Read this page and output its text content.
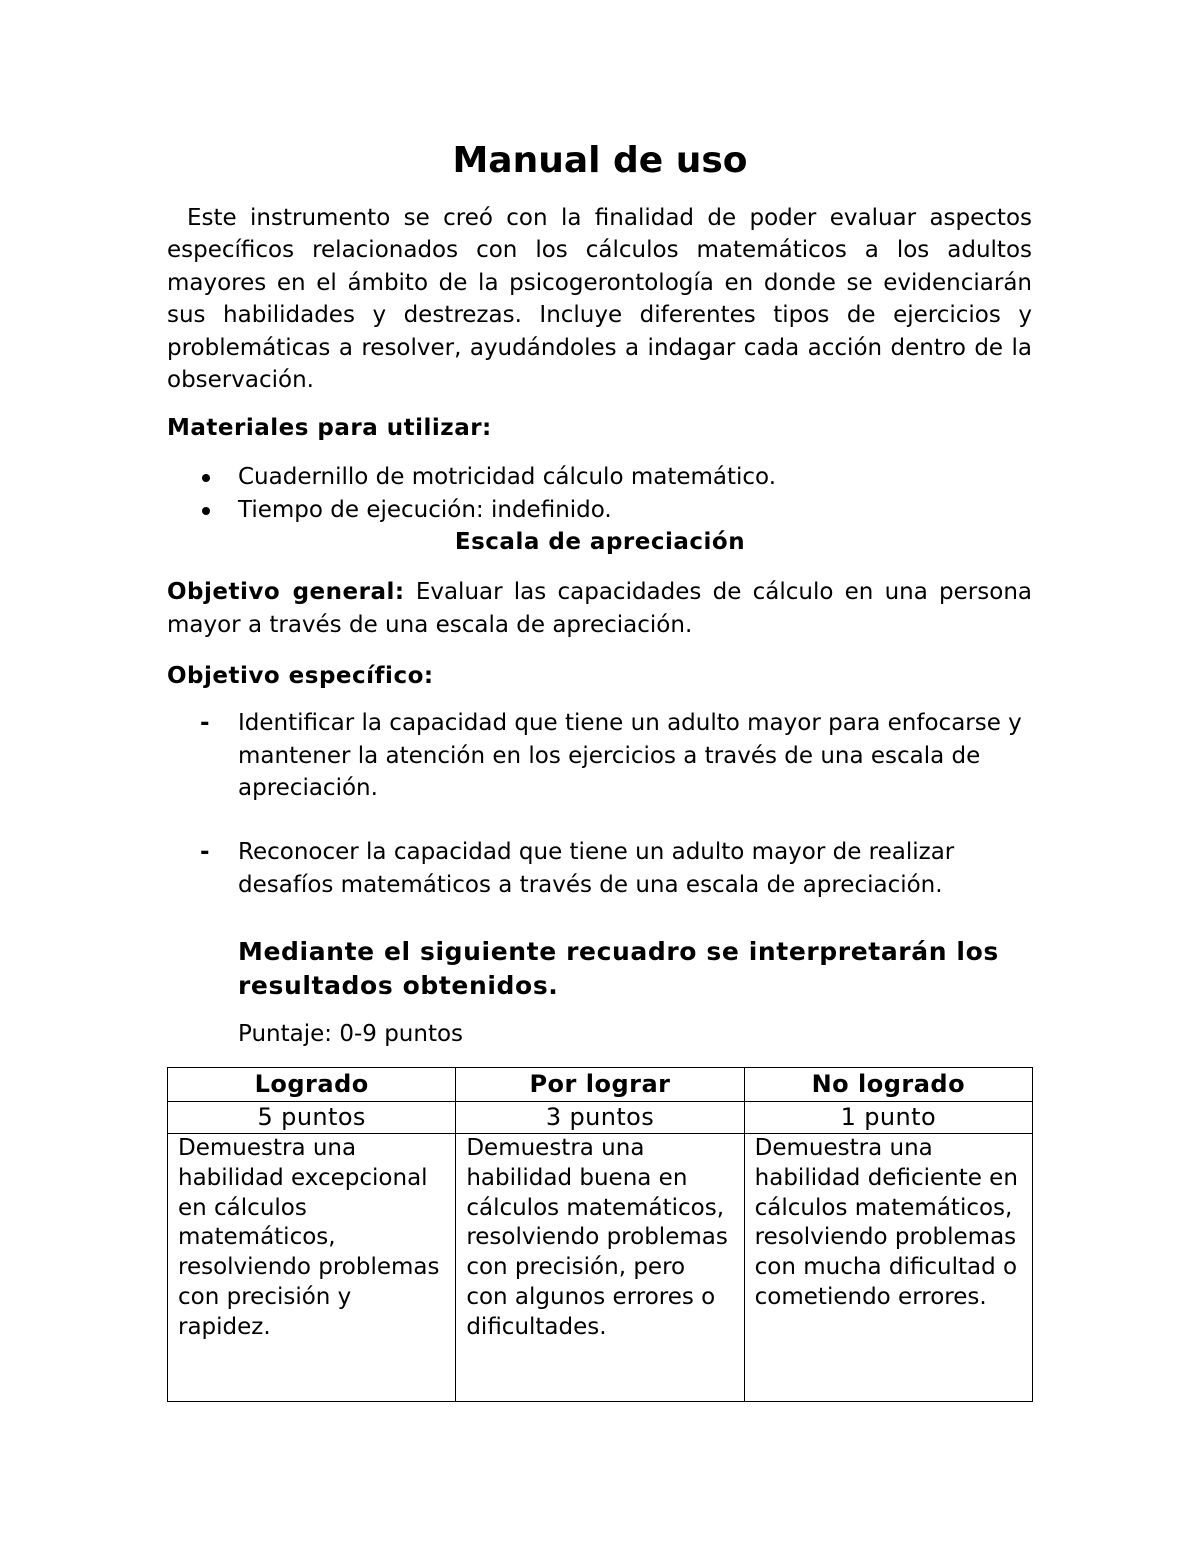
Manual de uso

Este instrumento se creó con la finalidad de poder evaluar aspectos específicos relacionados con los cálculos matemáticos a los adultos mayores en el ámbito de la psicogerontología en donde se evidenciarán sus habilidades y destrezas. Incluye diferentes tipos de ejercicios y problemáticas a resolver, ayudándoles a indagar cada acción dentro de la observación.

Materiales para utilizar:

Cuadernillo de motricidad cálculo matemático.
Tiempo de ejecución: indefinido.

Escala de apreciación

Objetivo general: Evaluar las capacidades de cálculo en una persona mayor a través de una escala de apreciación.

Objetivo específico:

- Identificar la capacidad que tiene un adulto mayor para enfocarse y mantener la atención en los ejercicios a través de una escala de apreciación.
- Reconocer la capacidad que tiene un adulto mayor de realizar desafíos matemáticos a través de una escala de apreciación.

Mediante el siguiente recuadro se interpretarán los resultados obtenidos.

Puntaje: 0-9 puntos

Logrado	Por lograr	No logrado
5 puntos	3 puntos	1 punto
Demuestra una habilidad excepcional en cálculos matemáticos, resolviendo problemas con precisión y rapidez.	Demuestra una habilidad buena en cálculos matemáticos, resolviendo problemas con precisión, pero con algunos errores o dificultades.	Demuestra una habilidad deficiente en cálculos matemáticos, resolviendo problemas con mucha dificultad o cometiendo errores.
